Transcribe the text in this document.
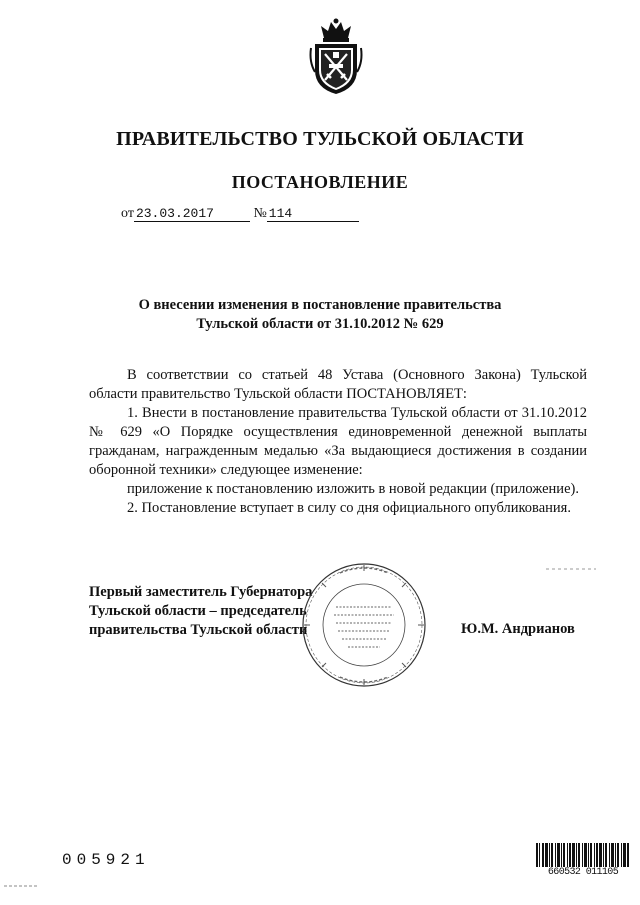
ПРАВИТЕЛЬСТВО ТУЛЬСКОЙ ОБЛАСТИ
ПОСТАНОВЛЕНИЕ
от 23.03.2017	№ 114
О внесении изменения в постановление правительства
Тульской области от 31.10.2012 № 629

В соответствии со статьей 48 Устава (Основного Закона) Тульской области правительство Тульской области ПОСТАНОВЛЯЕТ:

1. Внести в постановление правительства Тульской области от 31.10.2012 № 629 «О Порядке осуществления единовременной денежной выплаты гражданам, награжденным медалью «За выдающиеся достижения в создании оборонной техники» следующее изменение:

приложение к постановлению изложить в новой редакции (приложение).

2. Постановление вступает в силу со дня официального опубликования.

Первый заместитель Губернатора
Тульской области – председатель
правительства Тульской области	Ю.М. Андрианов
005921
660532 011105
